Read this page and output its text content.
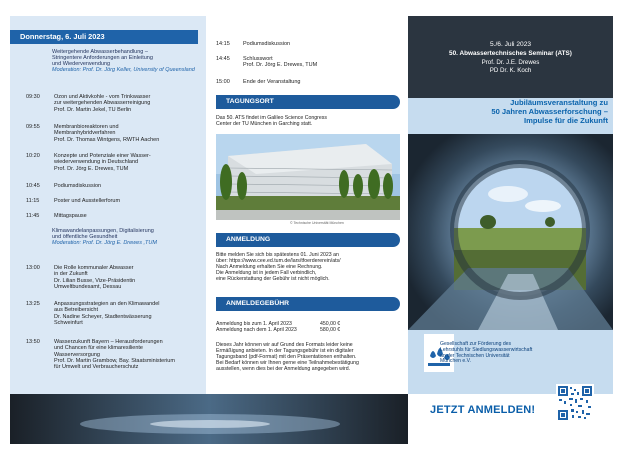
Donnerstag, 6. Juli 2023
Weitergehende Abwasserbehandlung –
Stringentere Anforderungen an Einleitung
und Wiederverwendung
Moderation: Prof. Dr. Jörg Keller, University of Queensland
09:30	Ozon und Aktivkohle - vom Trinkwasser
zur weitergehenden Abwasserreinigung
Prof. Dr. Martin Jekel, TU Berlin
09:55	Membranbioreaktoren und
Membranhybridverfahren
Prof. Dr. Thomas Wintgens, RWTH Aachen
10:20	Konzepte und Potenziale einer Wasser-
wiederverwendung in Deutschland
Prof. Dr. Jörg E. Drewes, TUM
10:45	Podiumsdiskussion
11:15	Poster und Ausstellerforum
11:45	Mittagspause
Klimawandelanpassungen, Digitalisierung
und öffentliche Gesundheit
Moderation: Prof. Dr. Jörg E. Drewes ,TUM
13:00	Die Rolle kommunaler Abwasser
in der Zukunft
Dr. Lilian Busse, Vize-Präsidentin
Umweltbundesamt, Dessau
13:25	Anpassungsstrategien an den Klimawandel
aus Betreibersicht
Dr. Nadine Scheyer, Stadtentwässerung
Schweinfurt
13:50	Wasserzukunft Bayern – Herausforderungen
und Chancen für eine klimaresiliente
Wasserversorgung
Prof. Dr. Martin Grambow, Bay. Staatsministerium
für Umwelt und Verbraucherschutz
14:15 Podiumsdiskussion
14:45 Schlusswort
Prof. Dr. Jörg E. Drewes, TUM
15:00 Ende der Veranstaltung
TAGUNGSORT
Das 50. ATS findet im Galileo Science Congress
Center der TU München in Garching statt.
© Technische Universität München
ANMELDUNG
Bitte melden Sie sich bis spätestens 01. Juni 2023 an
über: https://www.cee.ed.tum.de/lars/tfoerdererein/ats/
Nach Anmeldung erhalten Sie eine Rechnung.
Die Anmeldung ist in jedem Fall verbindlich,
eine Rückerstattung der Gebühr ist nicht möglich.
ANMELDEGEBÜHR
Anmeldung bis zum 1. April 2023	450,00 €
Anmeldung nach dem 1. April 2023	580,00 €
Dieses Jahr können wir auf Grund des Formats leider keine
Ermäßigung anbieten. In der Tagungsgebühr ist ein digitaler
Tagungsband (pdf-Format) mit den Präsentationen enthalten.
Bei Bedarf können wir Ihnen gerne eine Teilnahmebestätigung
ausstellen, wenn dies bei der Anmeldung angegeben wird.
5./6. Juli 2023
50. Abwassertechnisches Seminar (ATS)
Prof. Dr. J.E. Drewes
PD Dr. K. Koch
Jubiläumsveranstaltung zu
50 Jahren Abwasserforschung –
Impulse für die Zukunft
Gesellschaft zur Förderung des
Lehrstuhls für Siedlungswasserwirtschaft
an der Technischen Universität
München e.V.
JETZT ANMELDEN!
